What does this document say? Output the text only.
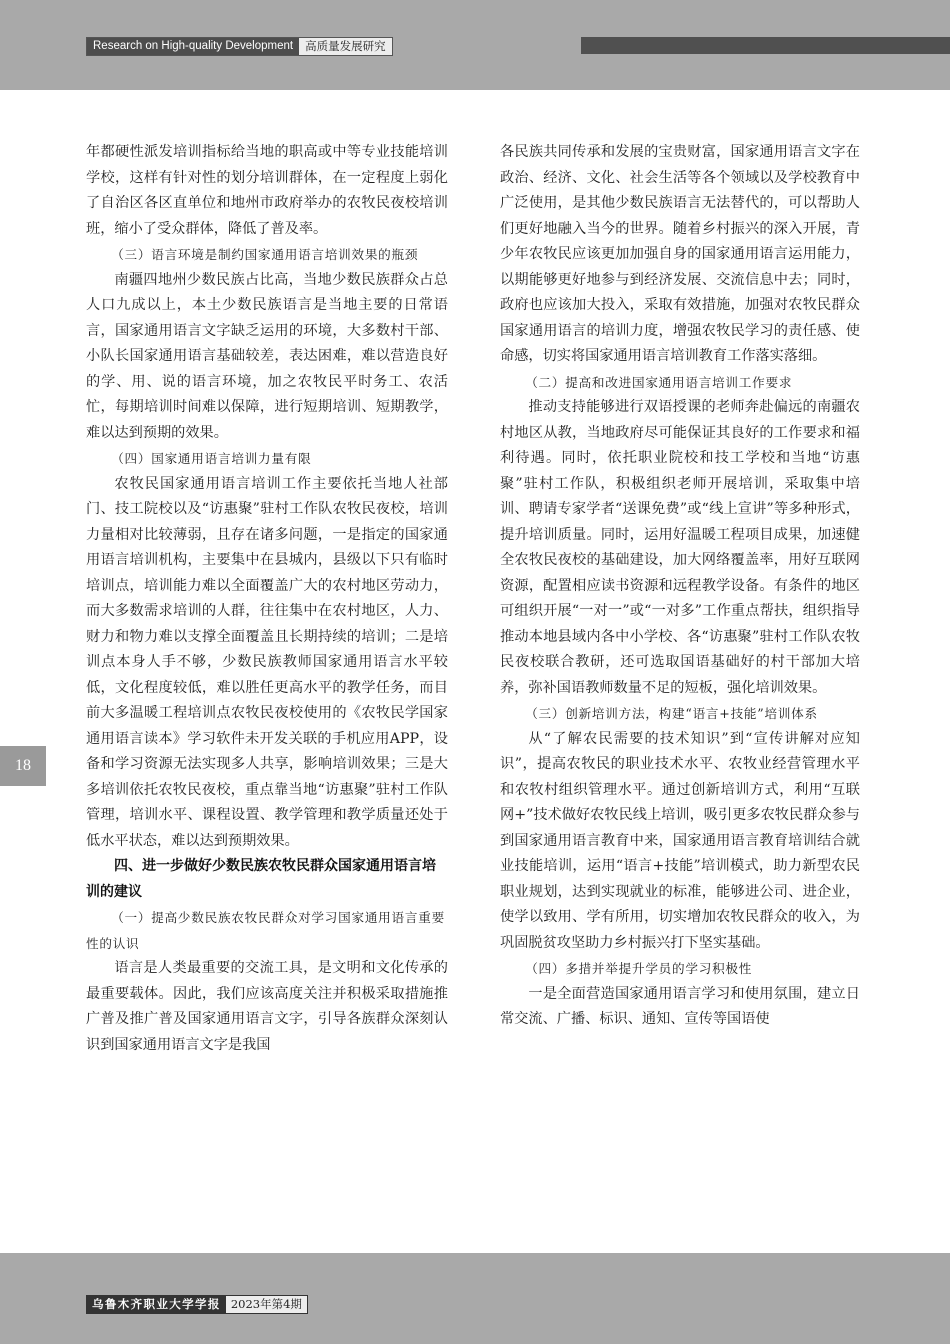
Research on High-quality Development	高质量发展研究
18

年都硬性派发培训指标给当地的职高或中等专业技能培训学校，这样有针对性的划分培训群体，在一定程度上弱化了自治区各区直单位和地州市政府举办的农牧民夜校培训班，缩小了受众群体，降低了普及率。

（三）语言环境是制约国家通用语言培训效果的瓶颈

南疆四地州少数民族占比高，当地少数民族群众占总人口九成以上，本土少数民族语言是当地主要的日常语言，国家通用语言文字缺乏运用的环境，大多数村干部、小队长国家通用语言基础较差，表达困难，难以营造良好的学、用、说的语言环境，加之农牧民平时务工、农活忙，每期培训时间难以保障，进行短期培训、短期教学，难以达到预期的效果。

（四）国家通用语言培训力量有限

农牧民国家通用语言培训工作主要依托当地人社部门、技工院校以及“访惠聚”驻村工作队农牧民夜校，培训力量相对比较薄弱，且存在诸多问题，一是指定的国家通用语言培训机构，主要集中在县城内，县级以下只有临时培训点，培训能力难以全面覆盖广大的农村地区劳动力，而大多数需求培训的人群，往往集中在农村地区，人力、财力和物力难以支撑全面覆盖且长期持续的培训；二是培训点本身人手不够，少数民族教师国家通用语言水平较低，文化程度较低，难以胜任更高水平的教学任务，而目前大多温暖工程培训点农牧民夜校使用的《农牧民学国家通用语言读本》学习软件未开发关联的手机应用APP，设备和学习资源无法实现多人共享，影响培训效果；三是大多培训依托农牧民夜校，重点靠当地“访惠聚”驻村工作队管理，培训水平、课程设置、教学管理和教学质量还处于低水平状态，难以达到预期效果。

四、进一步做好少数民族农牧民群众国家通用语言培训的建议

（一）提高少数民族农牧民群众对学习国家通用语言重要性的认识

语言是人类最重要的交流工具，是文明和文化传承的最重要载体。因此，我们应该高度关注并积极采取措施推广普及推广普及国家通用语言文字，引导各族群众深刻认识到国家通用语言文字是我国

各民族共同传承和发展的宝贵财富，国家通用语言文字在政治、经济、文化、社会生活等各个领域以及学校教育中广泛使用，是其他少数民族语言无法替代的，可以帮助人们更好地融入当今的世界。随着乡村振兴的深入开展，青少年农牧民应该更加加强自身的国家通用语言运用能力，以期能够更好地参与到经济发展、交流信息中去；同时，政府也应该加大投入，采取有效措施，加强对农牧民群众国家通用语言的培训力度，增强农牧民学习的责任感、使命感，切实将国家通用语言培训教育工作落实落细。

（二）提高和改进国家通用语言培训工作要求

推动支持能够进行双语授课的老师奔赴偏远的南疆农村地区从教，当地政府尽可能保证其良好的工作要求和福利待遇。同时，依托职业院校和技工学校和当地“访惠聚”驻村工作队，积极组织老师开展培训，采取集中培训、聘请专家学者“送课免费”或“线上宣讲”等多种形式，提升培训质量。同时，运用好温暖工程项目成果，加速健全农牧民夜校的基础建设，加大网络覆盖率，用好互联网资源，配置相应读书资源和远程教学设备。有条件的地区可组织开展“一对一”或“一对多”工作重点帮扶，组织指导推动本地县域内各中小学校、各“访惠聚”驻村工作队农牧民夜校联合教研，还可选取国语基础好的村干部加大培养，弥补国语教师数量不足的短板，强化培训效果。

（三）创新培训方法，构建“语言+技能”培训体系

从“了解农民需要的技术知识”到“宣传讲解对应知识”，提高农牧民的职业技术水平、农牧业经营管理水平和农牧村组织管理水平。通过创新培训方式，利用“互联网+”技术做好农牧民线上培训，吸引更多农牧民群众参与到国家通用语言教育中来，国家通用语言教育培训结合就业技能培训，运用“语言+技能”培训模式，助力新型农民职业规划，达到实现就业的标准，能够进公司、进企业，使学以致用、学有所用，切实增加农牧民群众的收入，为巩固脱贫攻坚助力乡村振兴打下坚实基础。

（四）多措并举提升学员的学习积极性

一是全面营造国家通用语言学习和使用氛围，建立日常交流、广播、标识、通知、宣传等国语使

乌鲁木齐职业大学学报 2023年第4期
